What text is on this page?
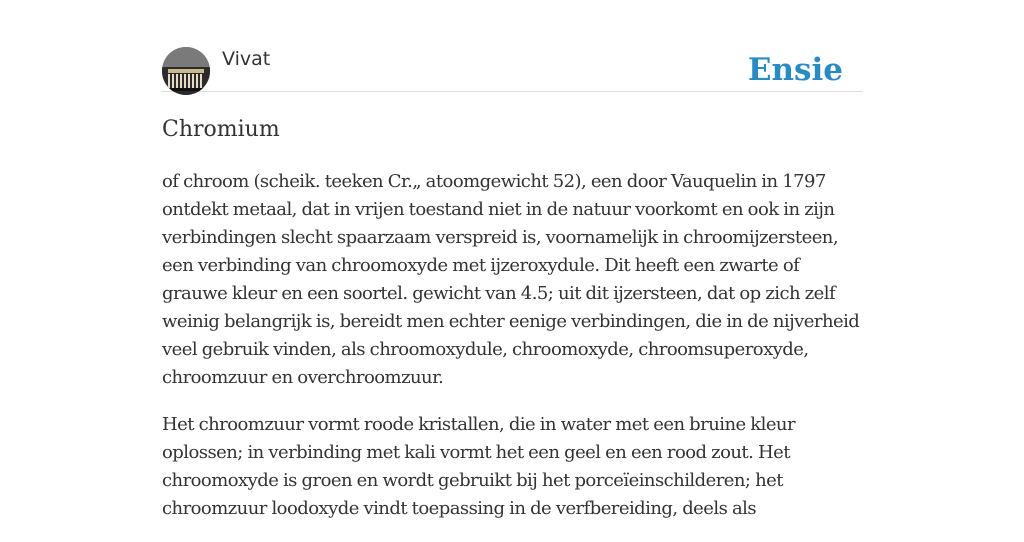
Vivat	Ensie
Chromium

of chroom (scheik. teeken Cr.„ atoomgewicht 52), een door Vauquelin in 1797 ontdekt metaal, dat in vrijen toestand niet in de natuur voorkomt en ook in zijn verbindingen slecht spaarzaam verspreid is, voornamelijk in chroomijzersteen, een verbinding van chroomoxyde met ijzeroxydule. Dit heeft een zwarte of grauwe kleur en een soortel. gewicht van 4.5; uit dit ijzersteen, dat op zich zelf weinig belangrijk is, bereidt men echter eenige verbindingen, die in de nijverheid veel gebruik vinden, als chroomoxydule, chroomoxyde, chroomsuperoxyde, chroomzuur en overchroomzuur.

Het chroomzuur vormt roode kristallen, die in water met een bruine kleur oplossen; in verbinding met kali vormt het een geel en een rood zout. Het chroomoxyde is groen en wordt gebruikt bij het porceïeinschilderen; het chroomzuur loodoxyde vindt toepassing in de verfbereiding, deels als
